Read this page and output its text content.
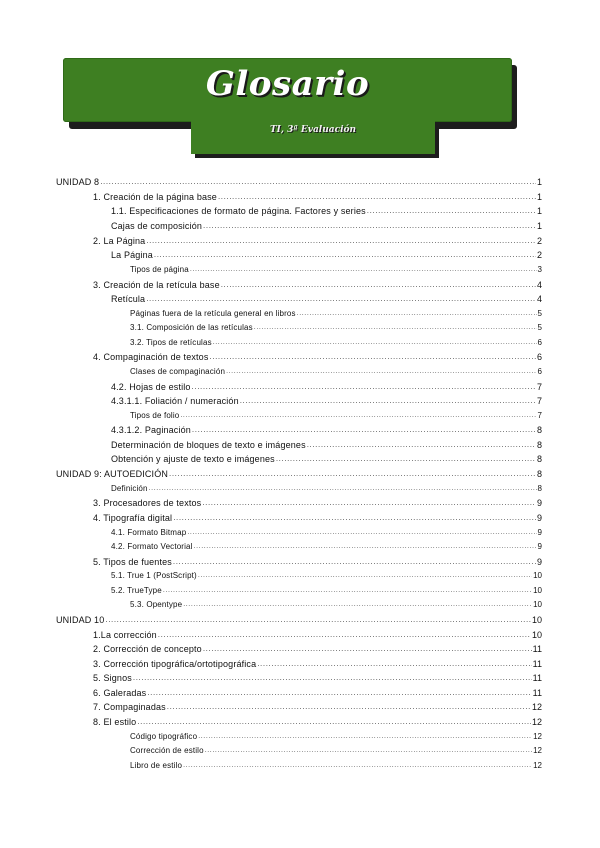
Glosario
TI, 3ª Evaluación
UNIDAD 8 .....	1
1. Creación de la página base .....	1
1.1. Especificaciones de formato de página. Factores y series .....	1
Cajas de composición .....	1
2. La Página .....	2
La Página .....	2
Tipos de página .....	3
3. Creación de la retícula base .....	4
Retícula .....	4
Páginas fuera de la retícula general en libros .....	5
3.1. Composición de las retículas .....	5
3.2. Tipos de retículas .....	6
4. Compaginación de textos .....	6
Clases de compaginación .....	6
4.2. Hojas de estilo .....	7
4.3.1.1. Foliación / numeración .....	7
Tipos de folio .....	7
4.3.1.2. Paginación .....	8
Determinación de bloques de texto e imágenes .....	8
Obtención y ajuste de texto e imágenes .....	8
UNIDAD 9: AUTOEDICIÓN .....	8
Definición .....	8
3. Procesadores de textos .....	9
4. Tipografía digital .....	9
4.1. Formato Bitmap .....	9
4.2. Formato Vectorial .....	9
5. Tipos de fuentes .....	9
5.1. True 1 (PostScript) .....	10
5.2. TrueType .....	10
5.3. Opentype .....	10
UNIDAD 10 .....	10
1.La corrección .....	10
2. Corrección de concepto .....	11
3. Corrección tipográfica/ortotipográfica .....	11
5. Signos .....	11
6. Galeradas .....	11
7. Compaginadas .....	12
8. El estilo .....	12
Código tipográfico .....	12
Corrección de estilo .....	12
Libro de estilo .....	12
